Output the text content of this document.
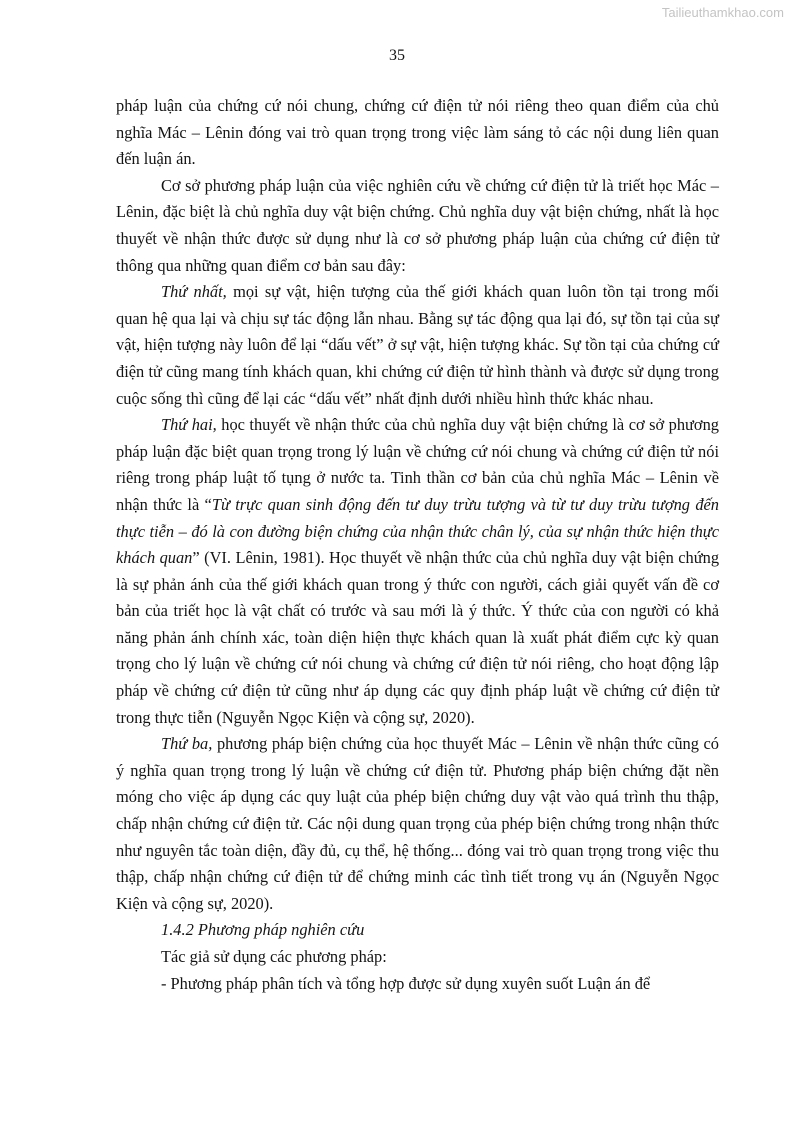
Tailieuthamkhao.com
35

pháp luận của chứng cứ nói chung, chứng cứ điện tử nói riêng theo quan điểm của chủ nghĩa Mác – Lênin đóng vai trò quan trọng trong việc làm sáng tỏ các nội dung liên quan đến luận án.

Cơ sở phương pháp luận của việc nghiên cứu về chứng cứ điện tử là triết học Mác – Lênin, đặc biệt là chủ nghĩa duy vật biện chứng. Chủ nghĩa duy vật biện chứng, nhất là học thuyết về nhận thức được sử dụng như là cơ sở phương pháp luận của chứng cứ điện tử thông qua những quan điểm cơ bản sau đây:

Thứ nhất, mọi sự vật, hiện tượng của thế giới khách quan luôn tồn tại trong mối quan hệ qua lại và chịu sự tác động lẫn nhau. Bằng sự tác động qua lại đó, sự tồn tại của sự vật, hiện tượng này luôn để lại “dấu vết” ở sự vật, hiện tượng khác. Sự tồn tại của chứng cứ điện tử cũng mang tính khách quan, khi chứng cứ điện tử hình thành và được sử dụng trong cuộc sống thì cũng để lại các “dấu vết” nhất định dưới nhiều hình thức khác nhau.

Thứ hai, học thuyết về nhận thức của chủ nghĩa duy vật biện chứng là cơ sở phương pháp luận đặc biệt quan trọng trong lý luận về chứng cứ nói chung và chứng cứ điện tử nói riêng trong pháp luật tố tụng ở nước ta. Tinh thần cơ bản của chủ nghĩa Mác – Lênin về nhận thức là “Từ trực quan sinh động đến tư duy trừu tượng và từ tư duy trừu tượng đến thực tiễn – đó là con đường biện chứng của nhận thức chân lý, của sự nhận thức hiện thực khách quan” (VI. Lênin, 1981). Học thuyết về nhận thức của chủ nghĩa duy vật biện chứng là sự phản ánh của thế giới khách quan trong ý thức con người, cách giải quyết vấn đề cơ bản của triết học là vật chất có trước và sau mới là ý thức. Ý thức của con người có khả năng phản ánh chính xác, toàn diện hiện thực khách quan là xuất phát điểm cực kỳ quan trọng cho lý luận về chứng cứ nói chung và chứng cứ điện tử nói riêng, cho hoạt động lập pháp về chứng cứ điện tử cũng như áp dụng các quy định pháp luật về chứng cứ điện tử trong thực tiễn (Nguyễn Ngọc Kiện và cộng sự, 2020).

Thứ ba, phương pháp biện chứng của học thuyết Mác – Lênin về nhận thức cũng có ý nghĩa quan trọng trong lý luận về chứng cứ điện tử. Phương pháp biện chứng đặt nền móng cho việc áp dụng các quy luật của phép biện chứng duy vật vào quá trình thu thập, chấp nhận chứng cứ điện tử. Các nội dung quan trọng của phép biện chứng trong nhận thức như nguyên tắc toàn diện, đầy đủ, cụ thể, hệ thống... đóng vai trò quan trọng trong việc thu thập, chấp nhận chứng cứ điện tử để chứng minh các tình tiết trong vụ án (Nguyễn Ngọc Kiện và cộng sự, 2020).

1.4.2 Phương pháp nghiên cứu

Tác giả sử dụng các phương pháp:

- Phương pháp phân tích và tổng hợp được sử dụng xuyên suốt Luận án để
